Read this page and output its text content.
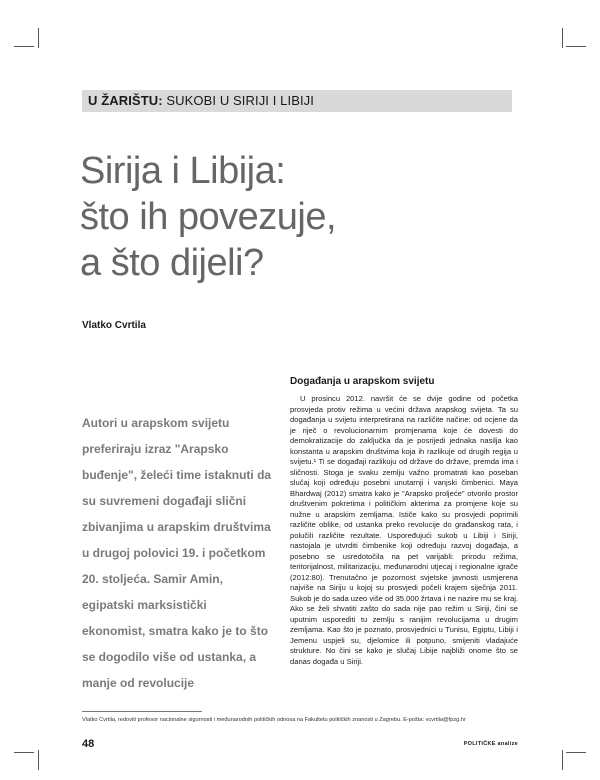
U ŽARIŠTU: SUKOBI U SIRIJI I LIBIJI
Sirija i Libija:
što ih povezuje,
a što dijeli?
Vlatko Cvrtila
Autori u arapskom svijetu preferiraju izraz "Arapsko buđenje", želeći time istaknuti da su suvremeni događaji slični zbivanjima u arapskim društvima u drugoj polovici 19. i početkom 20. stoljeća. Samir Amin, egipatski marksistički ekonomist, smatra kako je to što se dogodilo više od ustanka, a manje od revolucije
Događanja u arapskom svijetu

U prosincu 2012. navršit će se dvije godine od početka prosvjeda protiv režima u većini država arapskog svijeta. Ta su događanja u svijetu interpretirana na različite načine: od ocjene da je riječ o revolucionarnim promjenama koje će dovesti do demokratizacije do zaključka da je posrijedi jednaka nasilja kao konstanta u arapskim društvima koja ih razlikuje od drugih regija u svijetu.¹ Ti se događaji razlikuju od države do države, premda ima i sličnosti. Stoga je svaku zemlju važno promatrati kao poseban slučaj koji određuju posebni unutarnji i vanjski čimbenici. Maya Bhardwaj (2012) smatra kako je "Arapsko proljeće" otvorilo prostor društvenim pokretima i političkim akterima za promjene koje su nužne u arapskim zemljama. Ističe kako su prosvjedi poprimili različite oblike, od ustanka preko revolucije do građanskog rata, i polučili različite rezultate. Uspoređujući sukob u Libiji i Siriji, nastojala je utvrditi čimbenike koji određuju razvoj događaja, a posebno se usredotočila na pet varijabli: prirodu režima, teritorijalnost, militarizaciju, međunarodni utjecaj i regionalne igrače (2012:80). Trenutačno je pozornost svjetske javnosti usmjerena najviše na Siriju u kojoj su prosvjedi počeli krajem siječnja 2011. Sukob je do sada uzeo više od 35.000 žrtava i ne nazire mu se kraj. Ako se želi shvatiti zašto do sada nije pao režim u Siriji, čini se uputnim usporediti tu zemlju s ranijim revolucijama u drugim zemljama. Kao što je poznato, prosvjednici u Tunisu, Egiptu, Libiji i Jemenu uspjeli su, djelomice ili potpuno, smijeniti vladajuće strukture. No čini se kako je slučaj Libije najbliži onome što se danas događa u Siriji.

Vlatko Cvrtila, redoviti profesor nacionalne sigurnosti i međunarodnih političkih odnosa na Fakultetu političkih znanosti u Zagrebu. E-pošta: vcvrtila@fpzg.hr
48	POLITIČKE analize
